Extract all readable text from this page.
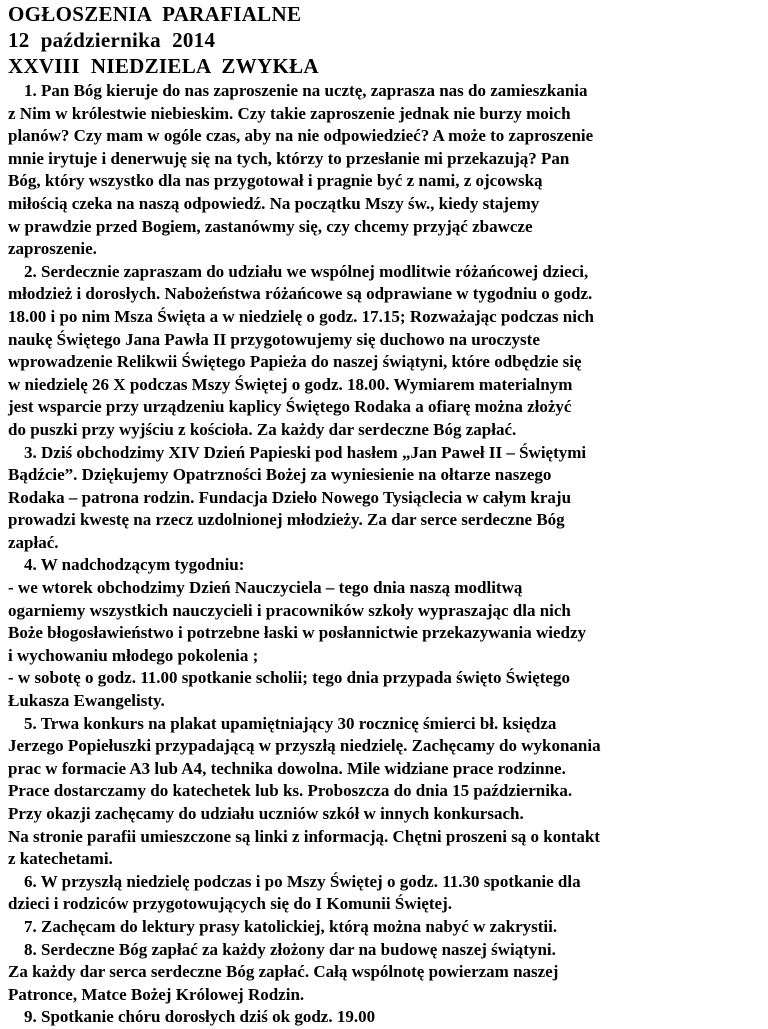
OGŁOSZENIA  PARAFIALNE
12  października  2014
XXVIII  NIEDZIELA  ZWYKŁA
1. Pan Bóg kieruje do nas zaproszenie na ucztę, zaprasza nas do zamieszkania
z Nim w królestwie niebieskim. Czy takie zaproszenie jednak nie burzy moich
planów? Czy mam w ogóle czas, aby na nie odpowiedzieć? A może to zaproszenie
mnie irytuje i denerwuję się na tych, którzy to przesłanie mi przekazują? Pan
Bóg, który wszystko dla nas przygotował i pragnie być z nami, z ojcowską
miłością czeka na naszą odpowiedź. Na początku Mszy św., kiedy stajemy
w prawdzie przed Bogiem, zastanówmy się, czy chcemy przyjąć zbawcze
zaproszenie.
2. Serdecznie zapraszam do udziału we wspólnej modlitwie różańcowej dzieci,
młodzież i dorosłych. Nabożeństwa różańcowe są odprawiane w tygodniu o godz.
18.00 i po nim Msza Święta a w niedzielę o godz. 17.15; Rozważając podczas nich
naukę Świętego Jana Pawła II przygotowujemy się duchowo na uroczyste
wprowadzenie Relikwii Świętego Papieża do naszej świątyni, które odbędzie się
w niedzielę 26 X podczas Mszy Świętej o godz. 18.00. Wymiarem materialnym
jest wsparcie przy urządzeniu kaplicy Świętego Rodaka a ofiarę można złożyć
do puszki przy wyjściu z kościoła. Za każdy dar serdeczne Bóg zapłać.
3. Dziś obchodzimy XIV Dzień Papieski pod hasłem „Jan Paweł II – Świętymi
Bądźcie”. Dziękujemy Opatrzności Bożej za wyniesienie na ołtarze naszego
Rodaka – patrona rodzin. Fundacja Dzieło Nowego Tysiąclecia w całym kraju
prowadzi kwestę na rzecz uzdolnionej młodzieży. Za dar serce serdeczne Bóg
zapłać.
4. W nadchodzącym tygodniu:
- we wtorek obchodzimy Dzień Nauczyciela – tego dnia naszą modlitwą
ogarniemy wszystkich nauczycieli i pracowników szkoły wypraszając dla nich
Boże błogosławieństwo i potrzebne łaski w posłannictwie przekazywania wiedzy
i wychowaniu młodego pokolenia ;
- w sobotę o godz. 11.00 spotkanie scholii; tego dnia przypada święto Świętego
Łukasza Ewangelisty.
5. Trwa konkurs na plakat upamiętniający 30 rocznicę śmierci bł. księdza
Jerzego Popiełuszki przypadającą w przyszłą niedzielę. Zachęcamy do wykonania
prac w formacie A3 lub A4, technika dowolna. Mile widziane prace rodzinne.
Prace dostarczamy do katechetek lub ks. Proboszcza do dnia 15 października.
Przy okazji zachęcamy do udziału uczniów szkół w innych konkursach.
Na stronie parafii umieszczone są linki z informacją. Chętni proszeni są o kontakt
z katechetami.
6. W przyszłą niedzielę podczas i po Mszy Świętej o godz. 11.30 spotkanie dla
dzieci i rodziców przygotowujących się do I Komunii Świętej.
7. Zachęcam do lektury prasy katolickiej, którą można nabyć w zakrystii.
8. Serdeczne Bóg zapłać za każdy złożony dar na budowę naszej świątyni.
Za każdy dar serca serdeczne Bóg zapłać. Całą wspólnotę powierzam naszej
Patronce, Matce Bożej Królowej Rodzin.
9. Spotkanie chóru dorosłych dziś ok godz. 19.00
